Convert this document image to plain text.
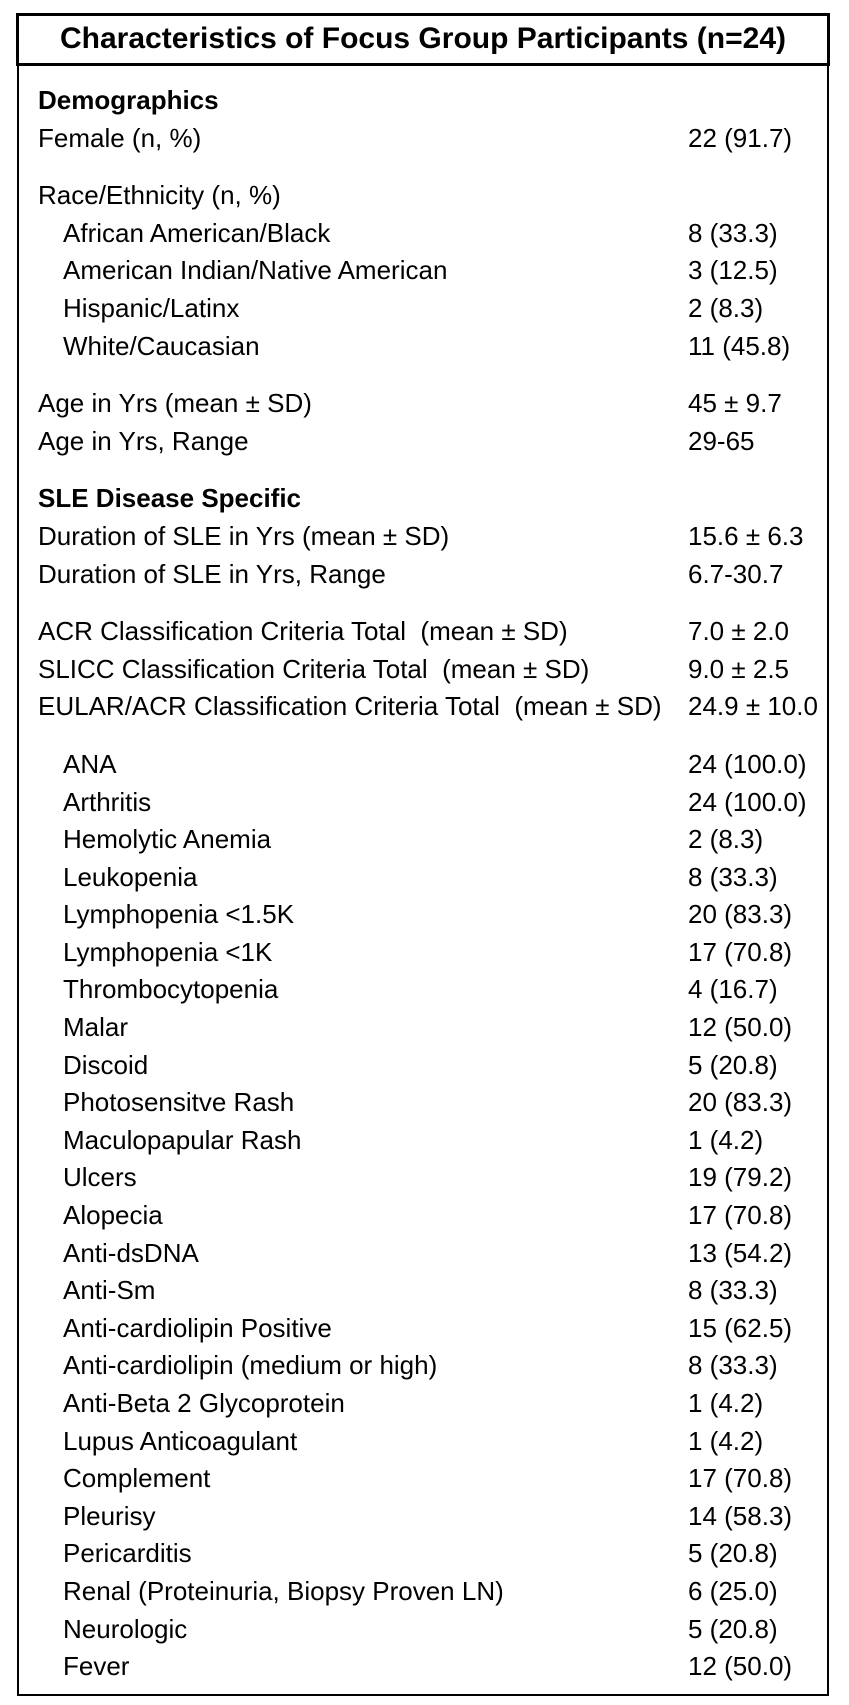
Characteristics of Focus Group Participants (n=24)
Demographics
Female (n, %)	22 (91.7)
Race/Ethnicity (n, %)
African American/Black	8 (33.3)
American Indian/Native American	3 (12.5)
Hispanic/Latinx	2 (8.3)
White/Caucasian	11 (45.8)
Age in Yrs (mean ± SD)	45 ± 9.7
Age in Yrs, Range	29-65
SLE Disease Specific
Duration of SLE in Yrs (mean ± SD)	15.6 ± 6.3
Duration of SLE in Yrs, Range	6.7-30.7
ACR Classification Criteria Total  (mean ± SD)	7.0 ± 2.0
SLICC Classification Criteria Total  (mean ± SD)	9.0 ± 2.5
EULAR/ACR Classification Criteria Total  (mean ± SD)	24.9 ± 10.0
ANA	24 (100.0)
Arthritis	24 (100.0)
Hemolytic Anemia	2 (8.3)
Leukopenia	8 (33.3)
Lymphopenia <1.5K	20 (83.3)
Lymphopenia <1K	17 (70.8)
Thrombocytopenia	4 (16.7)
Malar	12 (50.0)
Discoid	5 (20.8)
Photosensitve Rash	20 (83.3)
Maculopapular Rash	1 (4.2)
Ulcers	19 (79.2)
Alopecia	17 (70.8)
Anti-dsDNA	13 (54.2)
Anti-Sm	8 (33.3)
Anti-cardiolipin Positive	15 (62.5)
Anti-cardiolipin (medium or high)	8 (33.3)
Anti-Beta 2 Glycoprotein	1 (4.2)
Lupus Anticoagulant	1 (4.2)
Complement	17 (70.8)
Pleurisy	14 (58.3)
Pericarditis	5 (20.8)
Renal (Proteinuria, Biopsy Proven LN)	6 (25.0)
Neurologic	5 (20.8)
Fever	12 (50.0)
